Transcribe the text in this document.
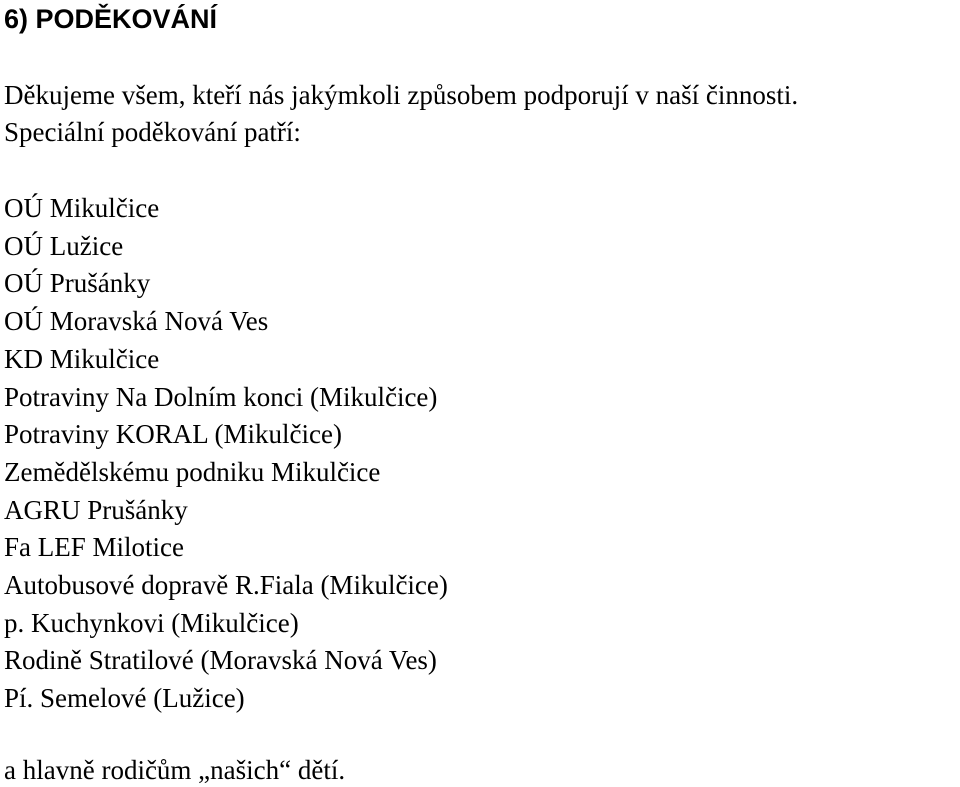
6) PODĚKOVÁNÍ

Děkujeme všem, kteří nás jakýmkoli způsobem podporují v naší činnosti.

Speciální poděkování patří:

OÚ Mikulčice
OÚ Lužice
OÚ Prušánky
OÚ Moravská Nová Ves
KD Mikulčice
Potraviny Na Dolním konci (Mikulčice)
Potraviny KORAL (Mikulčice)
Zemědělskému podniku Mikulčice
AGRU Prušánky
Fa LEF Milotice
Autobusové dopravě R.Fiala (Mikulčice)
p. Kuchynkovi (Mikulčice)
Rodině Stratilové (Moravská Nová Ves)
Pí. Semelové (Lužice)

a hlavně rodičům „našich“ dětí.
